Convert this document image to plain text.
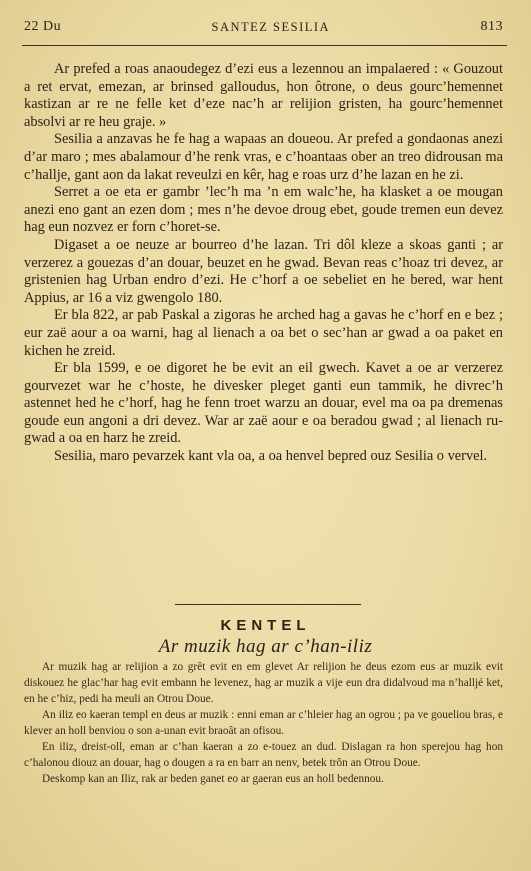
22 Du	SANTEZ SESILIA	813

Ar prefed a roas anaoudegez d’ezi eus a lezennou an impalaered : « Gouzout a ret ervat, emezan, ar brinsed galloudus, hon ôtrone, o deus gourc’hemennet kastizan ar re ne felle ket d’eze nac’h ar relijion gristen, ha gourc’hemennet absolvi ar re heu graje. »

Sesilia a anzavas he fe hag a wapaas an doueou. Ar prefed a gondaonas anezi d’ar maro ; mes abalamour d’he renk vras, e c’hoantaas ober an treo didrousan ma c’hallje, gant aon da lakat reveulzi en kêr, hag e roas urz d’he lazan en he zi.

Serret a oe eta er gambr ’lec’h ma ’n em walc’he, ha klasket a oe mougan anezi eno gant an ezen dom ; mes n’he devoe droug ebet, goude tremen eun devez hag eun nozvez er forn c’horet-se.

Digaset a oe neuze ar bourreo d’he lazan. Tri dôl kleze a skoas ganti ; ar verzerez a gouezas d’an douar, beuzet en he gwad. Bevan reas c’hoaz tri devez, ar gristenien hag Urban endro d’ezi. He c’horf a oe sebeliet en he bered, war hent Appius, ar 16 a viz gwengolo 180.

Er bla 822, ar pab Paskal a zigoras he arched hag a gavas he c’horf en e bez ; eur zaë aour a oa warni, hag al lienach a oa bet o sec’han ar gwad a oa paket en kichen he zreid.

Er bla 1599, e oe digoret he be evit an eil gwech. Kavet a oe ar verzerez gourvezet war he c’hoste, he divesker pleget ganti eun tammik, he divrec’h astennet hed he c’horf, hag he fenn troet warzu an douar, evel ma oa pa dremenas goude eun angoni a dri devez. War ar zaë aour e oa beradou gwad ; al lienach ru-gwad a oa en harz he zreid.

Sesilia, maro pevarzek kant vla oa, a oa henvel bepred ouz Sesilia o vervel.

KENTEL
Ar muzik hag ar c’han-iliz

Ar muzik hag ar relijion a zo grêt evit en em glevet Ar relijion he deus ezom eus ar muzik evit diskouez he glac’har hag evit embann he levenez, hag ar muzik a vije eun dra didalvoud ma n’halljé ket, en he c’hiz, pedi ha meuli an Otrou Doue.

An iliz eo kaeran templ en deus ar muzik : enni eman ar c’hleier hag an ogrou ; pa ve goueliou bras, e klever an holl benviou o son a-unan evit braoât an ofisou.

En iliz, dreist-oll, eman ar c’han kaeran a zo e-touez an dud. Dislagan ra hon sperejou hag hon c’halonou diouz an douar, hag o dougen a ra en barr an nenv, betek trôn an Otrou Doue.

Deskomp kan an Iliz, rak ar beden ganet eo ar gaeran eus an holl bedennou.
